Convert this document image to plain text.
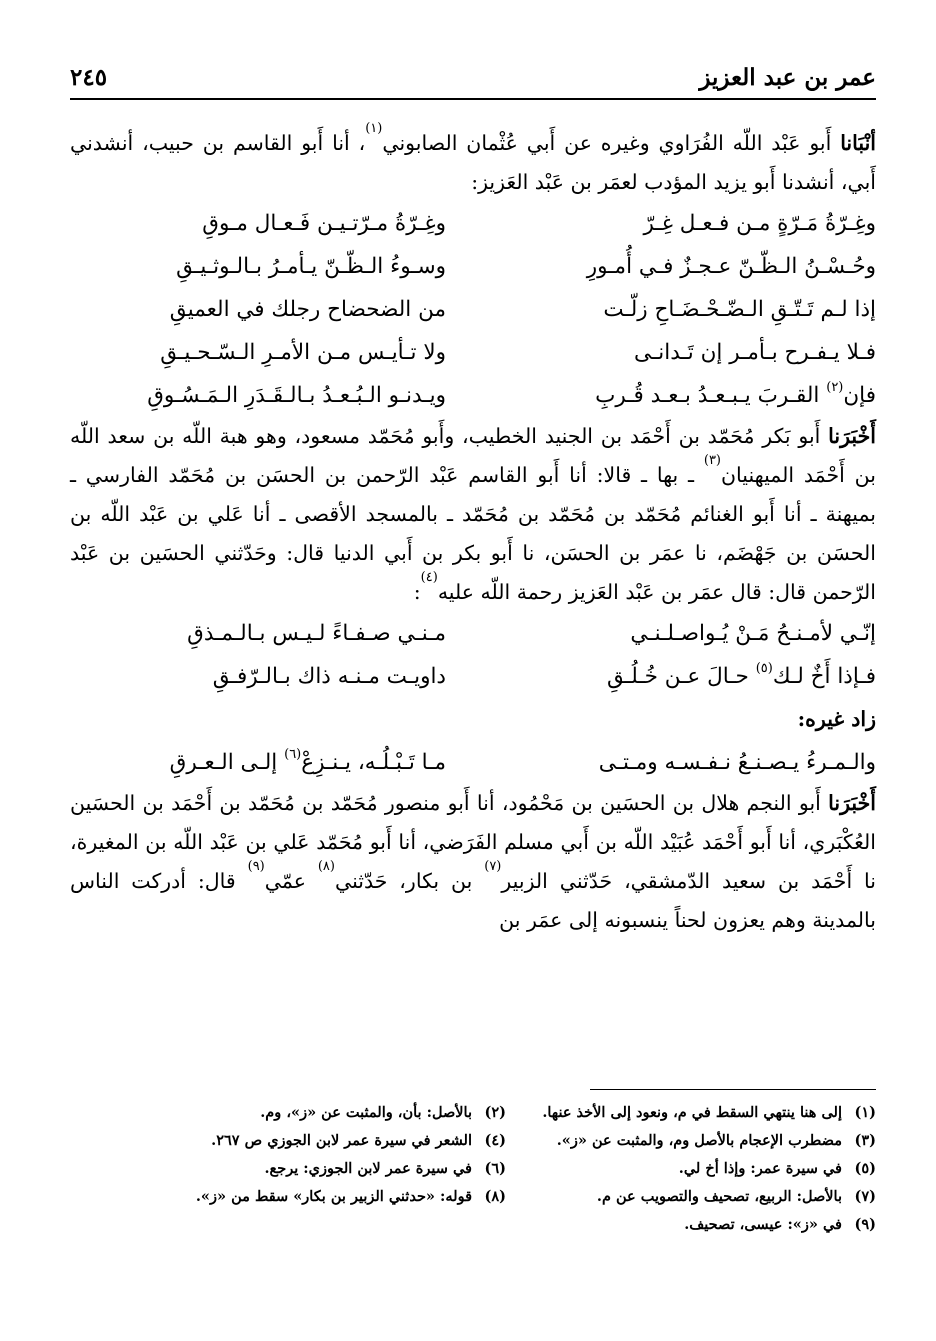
عمر بن عبد العزيز
٢٤٥

أنْبَانا أَبو عَبْد اللّه الفُرَاوي وغيره عن أَبي عُثْمان الصابوني$^{(١)}$، أنا أَبو القاسم بن حبيب، أنشدني أَبي، أنشدنا أَبو يزيد المؤدب لعمَر بن عَبْد العَزيز:

وغِـرّةُ مَـرّةٍ مـن فـعـل غِـرّ
وغِـرّةُ مـرّتـيـن فَـعـال مـوقِ
وحُـسْـنُ الـظّـنّ عـجـزٌ فـي أُمـورِ
وسـوءُ الـظّـنّ يـأمـرُ بـالـوثـيـقِ
إذا لـم تَـتّـقِ الـضّـحْـضَـاحِ زلّـت
من الضحضاح رجلك في العميقِ
فـلا يـفـرح بـأمـر إن تَـدانـى
ولا تـأيـس مـن الأمـرِ الـسّـحـيـقِ
فإن$^{(٢)}$ القـربَ يـبـعـدُ بـعـد قُـربِ
ويـدنـو الـبُـعـدُ بـالـقَـدَرِ الـمَـسُـوقِ

أَخْبَرَنا أَبو بَكر مُحَمّد بن أَحْمَد بن الجنيد الخطيب، وأَبو مُحَمّد مسعود، وهو هبة اللّه بن سعد اللّه بن أَحْمَد الميهنيان$^{(٣)}$ ـ بها ـ قالا: أنا أَبو القاسم عَبْد الرّحمن بن الحسَن بن مُحَمّد الفارسي ـ بميهنة ـ أنا أَبو الغنائم مُحَمّد بن مُحَمّد بن مُحَمّد ـ بالمسجد الأقصى ـ أنا عَلي بن عَبْد اللّه بن الحسَن بن جَهْضَم، نا عمَر بن الحسَن، نا أَبو بكر بن أَبي الدنيا قال: وحَدّثني الحسَين بن عَبْد الرّحمن قال: قال عمَر بن عَبْد العَزيز رحمة اللّه عليه$^{(٤)}$:

إنّـي لأمـنـحُ مَـنْ يُـواصـلـنـي
مـنـي صـفـاءً لـيـس بـالـمـذقِ
فـإذا أَخٌ لـك$^{(٥)}$ حـالَ عـن خُـلُـقِ
داويـت مـنـه ذاك بـالـرّفـقِ
زاد غيره:
والـمـرءُ يـصـنـعُ نـفـسـه ومـتـى
مـا تَـبْـلُـه، يـنـزِعْ$^{(٦)}$ إلـى الـعـرقِ

أَخْبَرَنا أَبو النجم هلال بن الحسَين بن مَحْمُود، أنا أَبو منصور مُحَمّد بن مُحَمّد بن أَحْمَد بن الحسَين العُكْبَري، أنا أَبو أَحْمَد عُبَيْد اللّه بن أَبي مسلم الفَرَضي، أنا أَبو مُحَمّد عَلي بن عَبْد اللّه بن المغيرة، نا أَحْمَد بن سعيد الدّمشقي، حَدّثني الزبير$^{(٧)}$ بن بكار، حَدّثني$^{(٨)}$ عمّي$^{(٩)}$ قال: أدركت الناس بالمدينة وهم يعزون لحناً ينسبونه إلى عمَر بن

(١)إلى هنا ينتهي السقط في م، ونعود إلى الأخذ عنها.
(٢)بالأصل: بأن، والمثبت عن «ز»، وم.
(٣)مضطرب الإعجام بالأصل وم، والمثبت عن «ز».
(٤)الشعر في سيرة عمر لابن الجوزي ص ٢٦٧.
(٥)في سيرة عمر: وإذا أخ لي.
(٦)في سيرة عمر لابن الجوزي: يرجع.
(٧)بالأصل: الربيع، تصحيف والتصويب عن م.
(٨)قوله: «حدثني الزبير بن بكار» سقط من «ز».
(٩)في «ز»: عيسى، تصحيف.
